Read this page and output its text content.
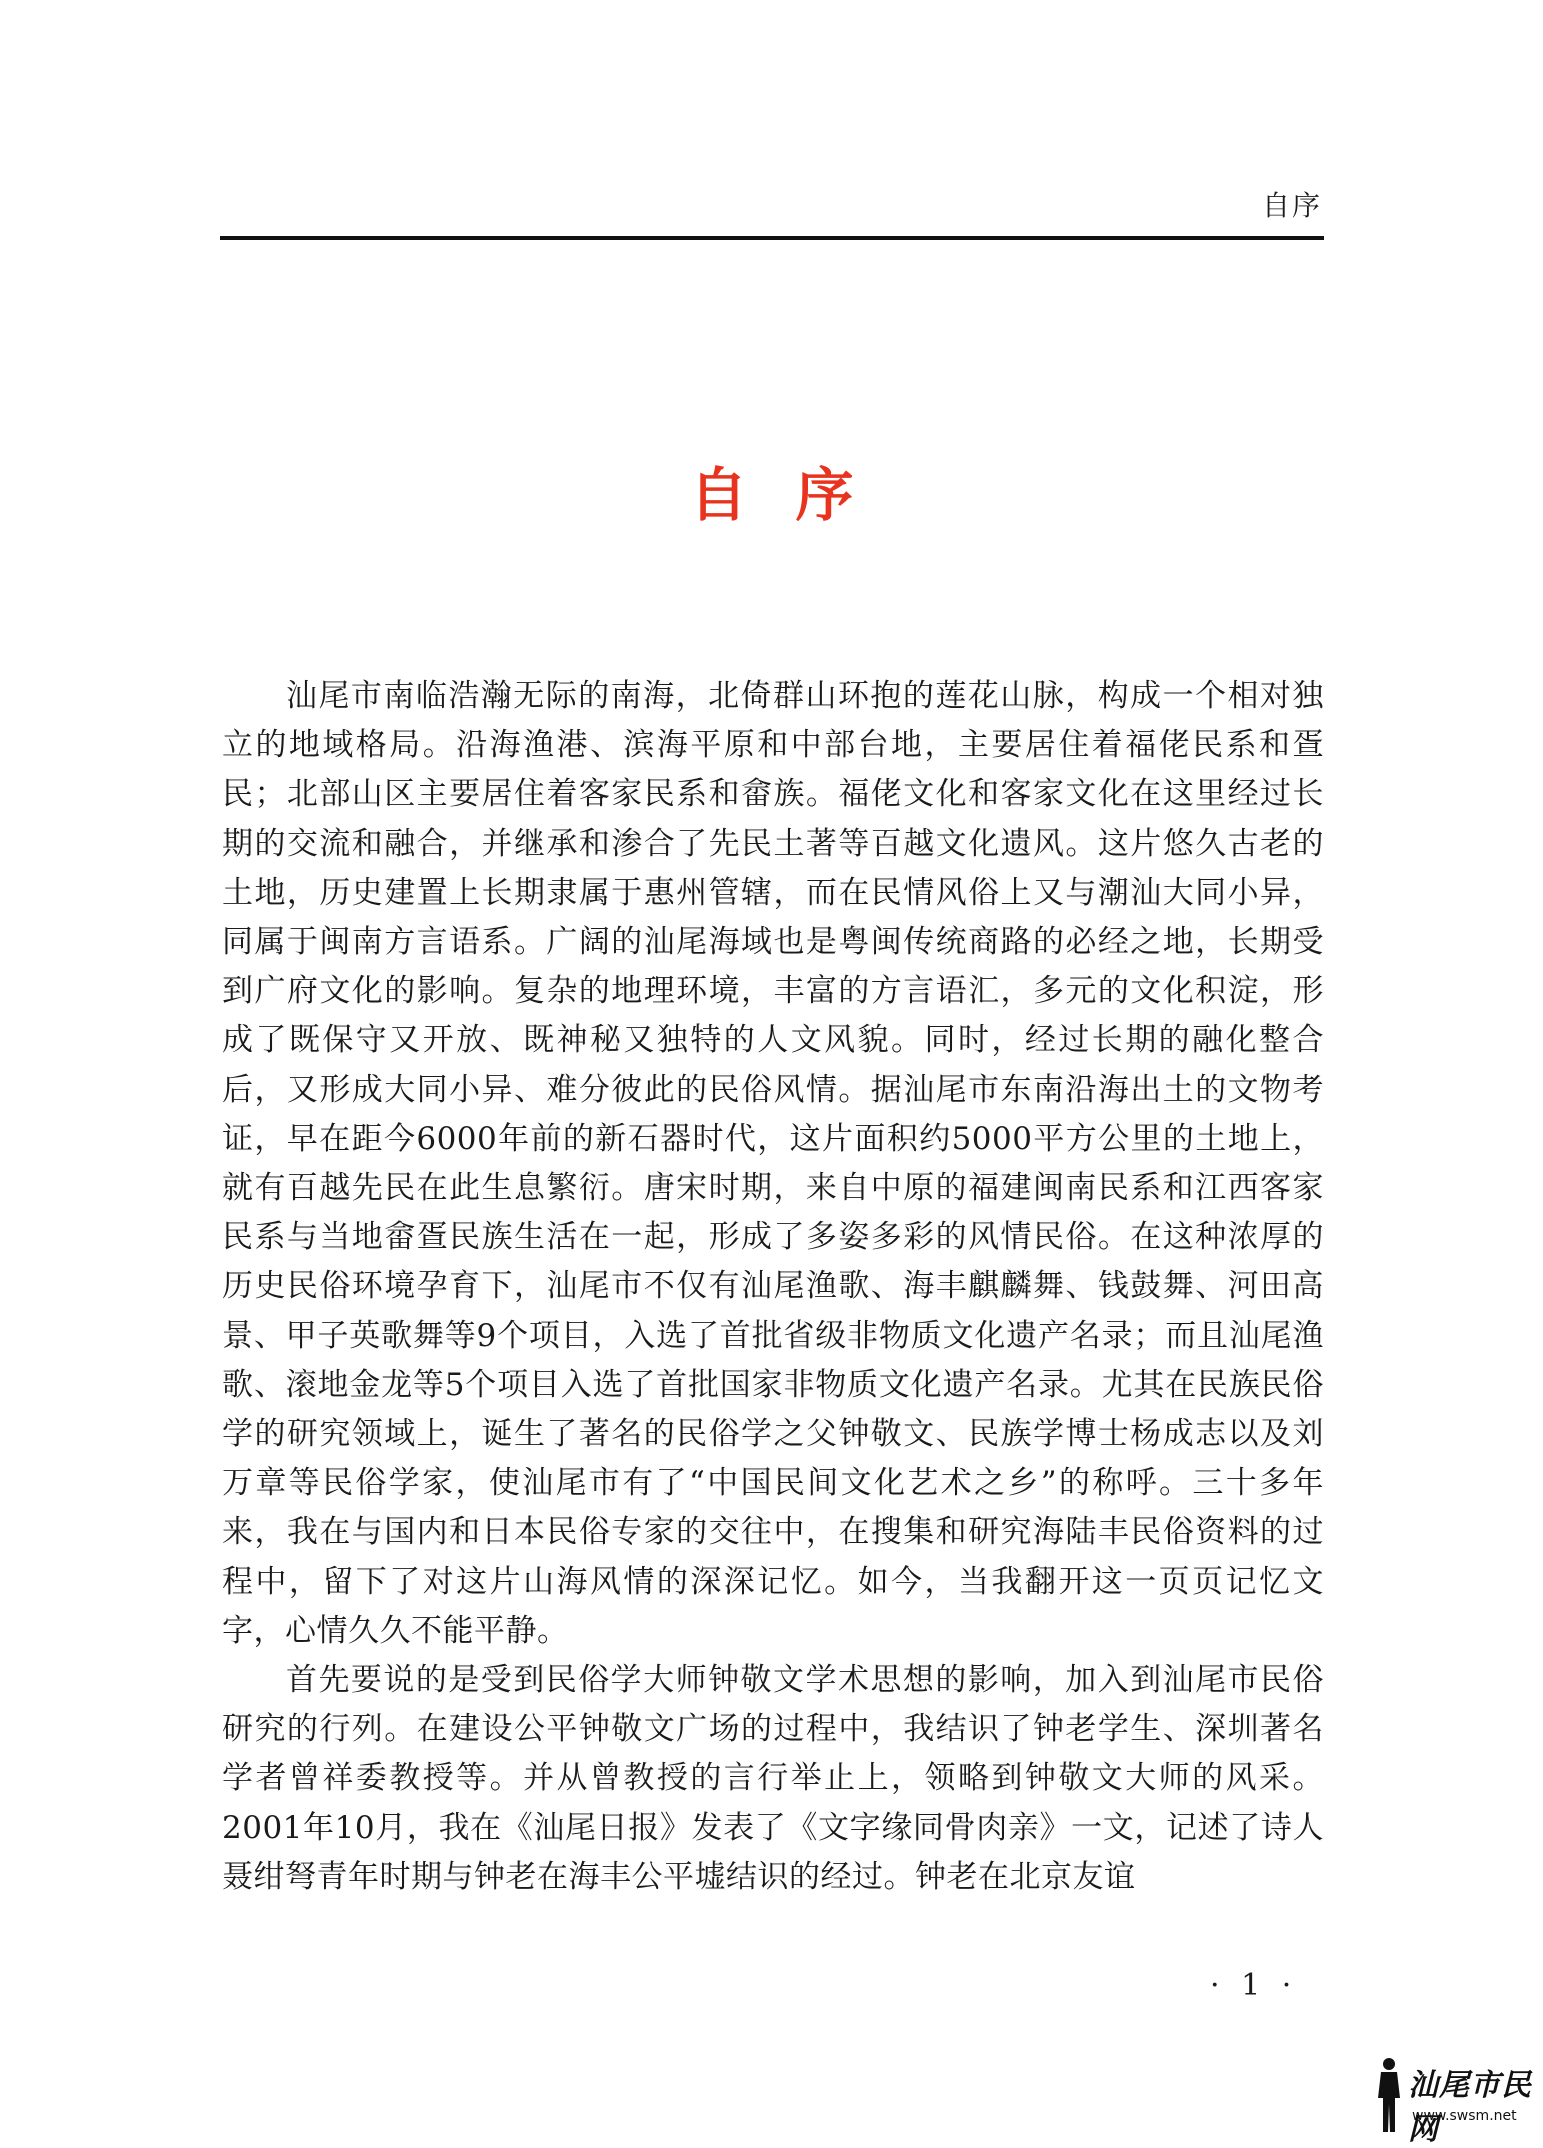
自序
自序

汕尾市南临浩瀚无际的南海，北倚群山环抱的莲花山脉，构成一个相对独立的地域格局。沿海渔港、滨海平原和中部台地，主要居住着福佬民系和疍民；北部山区主要居住着客家民系和畲族。福佬文化和客家文化在这里经过长期的交流和融合，并继承和渗合了先民土著等百越文化遗风。这片悠久古老的土地，历史建置上长期隶属于惠州管辖，而在民情风俗上又与潮汕大同小异，同属于闽南方言语系。广阔的汕尾海域也是粤闽传统商路的必经之地，长期受到广府文化的影响。复杂的地理环境，丰富的方言语汇，多元的文化积淀，形成了既保守又开放、既神秘又独特的人文风貌。同时，经过长期的融化整合后，又形成大同小异、难分彼此的民俗风情。据汕尾市东南沿海出土的文物考证，早在距今6000年前的新石器时代，这片面积约5000平方公里的土地上，就有百越先民在此生息繁衍。唐宋时期，来自中原的福建闽南民系和江西客家民系与当地畲疍民族生活在一起，形成了多姿多彩的风情民俗。在这种浓厚的历史民俗环境孕育下，汕尾市不仅有汕尾渔歌、海丰麒麟舞、钱鼓舞、河田高景、甲子英歌舞等9个项目，入选了首批省级非物质文化遗产名录；而且汕尾渔歌、滚地金龙等5个项目入选了首批国家非物质文化遗产名录。尤其在民族民俗学的研究领域上，诞生了著名的民俗学之父钟敬文、民族学博士杨成志以及刘万章等民俗学家，使汕尾市有了“中国民间文化艺术之乡”的称呼。三十多年来，我在与国内和日本民俗专家的交往中，在搜集和研究海陆丰民俗资料的过程中，留下了对这片山海风情的深深记忆。如今，当我翻开这一页页记忆文字，心情久久不能平静。

首先要说的是受到民俗学大师钟敬文学术思想的影响，加入到汕尾市民俗研究的行列。在建设公平钟敬文广场的过程中，我结识了钟老学生、深圳著名学者曾祥委教授等。并从曾教授的言行举止上，领略到钟敬文大师的风采。2001年10月，我在《汕尾日报》发表了《文字缘同骨肉亲》一文，记述了诗人聂绀弩青年时期与钟老在海丰公平墟结识的经过。钟老在北京友谊

· 1 ·
汕尾市民网
www.swsm.net
